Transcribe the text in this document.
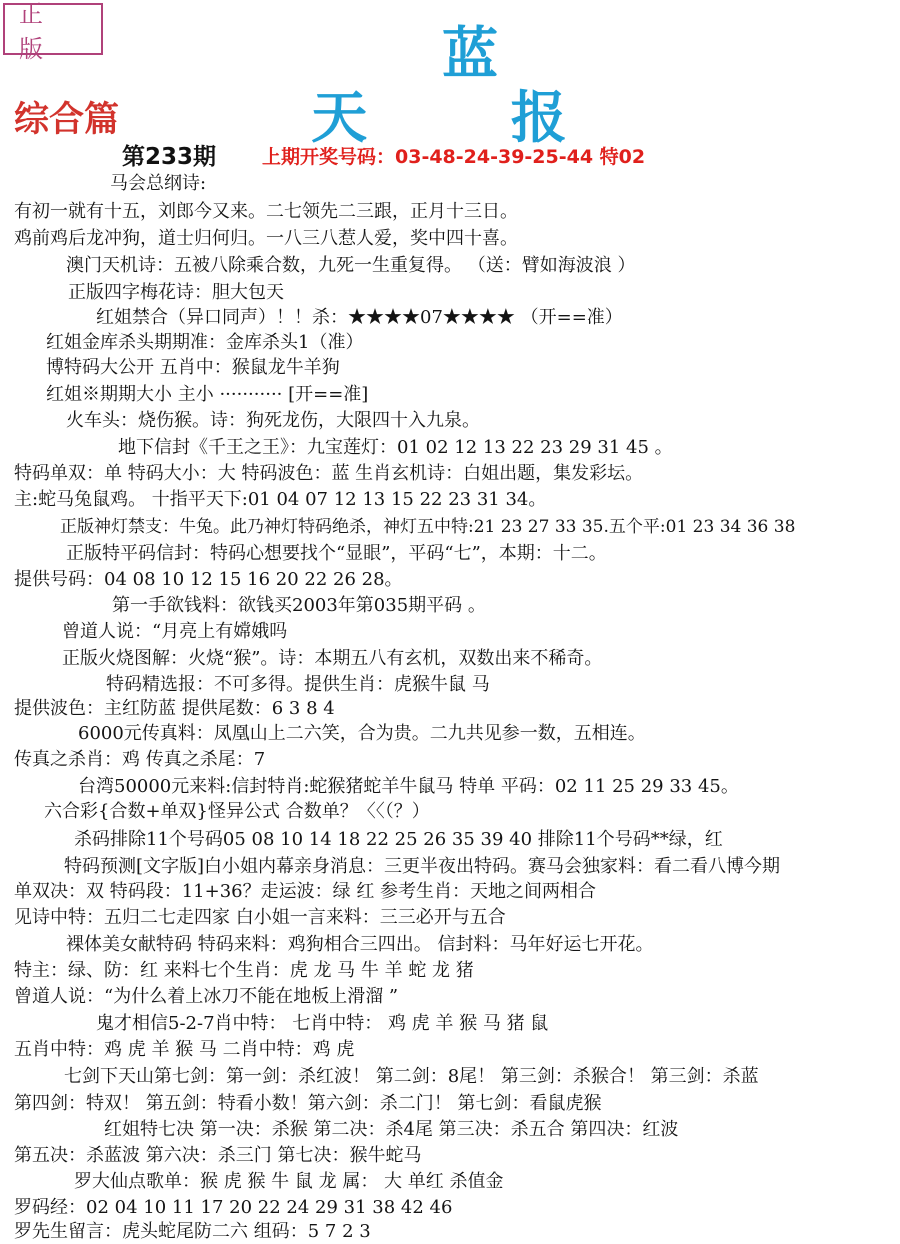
正 版	蓝 天 报
综合篇
第233期 上期开奖号码：03-48-24-39-25-44 特02
马会总纲诗:
有初一就有十五，刘郎今又来。二七领先二三跟，正月十三日。
鸡前鸡后龙冲狗，道士归何归。一八三八惹人爱，奖中四十喜。
澳门天机诗：五被八除乘合数，九死一生重复得。 （送：臂如海波浪 ）
正版四字梅花诗：胆大包天
红姐禁合（异口同声）！！杀：★★★★07★★★★ （开==准）
红姐金库杀头期期准：金库杀头1（准）
博特码大公开 五肖中：猴鼠龙牛羊狗
红姐※期期大小 主小 ··········· [开==准]
火车头：烧伤猴。诗：狗死龙伤，大限四十入九泉。
地下信封《千王之王》：九宝莲灯：01 02 12 13 22 23 29 31 45 。
特码单双：单 特码大小：大 特码波色：蓝 生肖玄机诗：白姐出题，集发彩坛。
主:蛇马兔鼠鸡。 十指平天下:01 04 07 12 13 15 22 23 31 34。
正版神灯禁支：牛兔。此乃神灯特码绝杀，神灯五中特:21 23 27 33 35.五个平:01 23 34 36 38
正版特平码信封：特码心想要找个“显眼”，平码“七”，本期：十二。
提供号码：04 08 10 12 15 16 20 22 26 28。
第一手欲钱料：欲钱买2003年第035期平码 。
曾道人说：“月亮上有嫦娥吗
正版火烧图解：火烧“猴”。诗：本期五八有玄机，双数出来不稀奇。
特码精选报：不可多得。提供生肖：虎猴牛鼠 马
提供波色：主红防蓝 提供尾数：6 3 8 4
6000元传真料：凤凰山上二六笑，合为贵。二九共见参一数，五相连。
传真之杀肖：鸡 传真之杀尾：7
台湾50000元来料:信封特肖:蛇猴猪蛇羊牛鼠马 特单 平码：02 11 25 29 33 45。
六合彩{合数+单双}怪异公式 合数单？〈〈（？）
杀码排除11个号码05 08 10 14 18 22 25 26 35 39 40 排除11个号码**绿，红
特码预测[文字版]白小姐内幕亲身消息：三更半夜出特码。赛马会独家料：看二看八博今期
单双决：双 特码段：11+36？走运波：绿 红 参考生肖：天地之间两相合
见诗中特：五归二七走四家 白小姐一言来料：三三必开与五合
裸体美女献特码 特码来料：鸡狗相合三四出。 信封料：马年好运七开花。
特主：绿、防：红 来料七个生肖：虎 龙 马 牛 羊 蛇 龙 猪
曾道人说：“为什么着上冰刀不能在地板上滑溜 ”
鬼才相信5-2-7肖中特： 七肖中特： 鸡 虎 羊 猴 马 猪 鼠
五肖中特：鸡 虎 羊 猴 马 二肖中特：鸡 虎
七剑下天山第七剑：第一剑：杀红波！ 第二剑：8尾！ 第三剑：杀猴合！ 第三剑：杀蓝
第四剑：特双！ 第五剑：特看小数！第六剑：杀二门！ 第七剑：看鼠虎猴
红姐特七决 第一决：杀猴 第二决：杀4尾 第三决：杀五合 第四决：红波
第五决：杀蓝波 第六决：杀三门 第七决：猴牛蛇马
罗大仙点歌单：猴 虎 猴 牛 鼠 龙 属： 大 单红 杀值金
罗码经：02 04 10 11 17 20 22 24 29 31 38 42 46
罗先生留言：虎头蛇尾防二六 组码：5 7 2 3
